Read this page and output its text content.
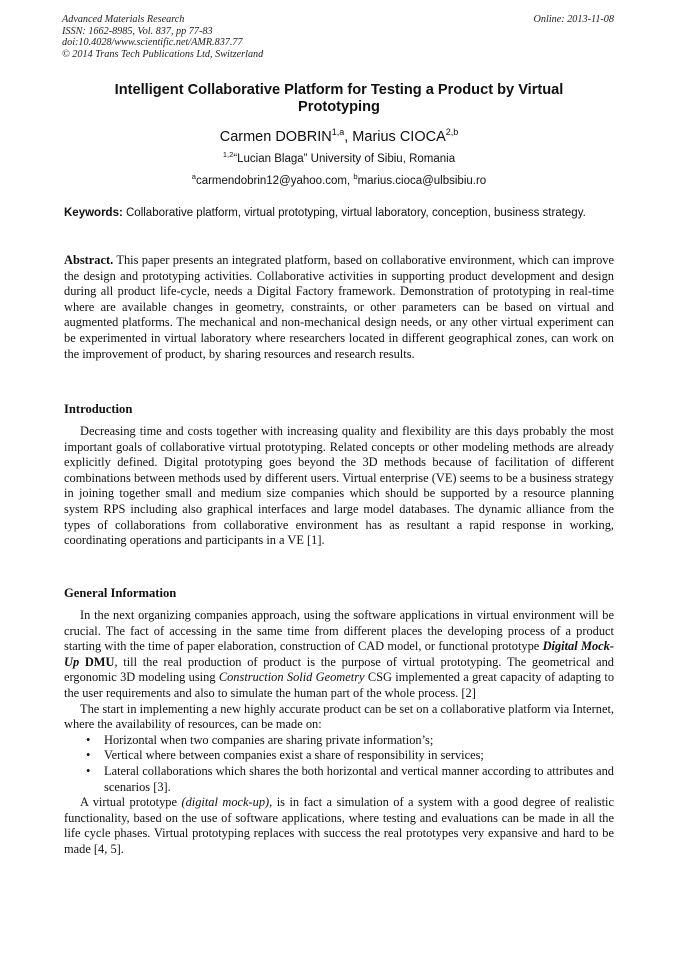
Advanced Materials Research
ISSN: 1662-8985, Vol. 837, pp 77-83
doi:10.4028/www.scientific.net/AMR.837.77
© 2014 Trans Tech Publications Ltd, Switzerland
Online: 2013-11-08
Intelligent Collaborative Platform for Testing a Product by Virtual Prototyping
Carmen DOBRIN$^{1,a}$, Marius CIOCA$^{2,b}$
$^{1,2}$“Lucian Blaga” University of Sibiu, Romania
$^a$carmendobrin12@yahoo.com, $^b$marius.cioca@ulbsibiu.ro
Keywords: Collaborative platform, virtual prototyping, virtual laboratory, conception, business strategy.

Abstract. This paper presents an integrated platform, based on collaborative environment, which can improve the design and prototyping activities. Collaborative activities in supporting product development and design during all product life-cycle, needs a Digital Factory framework. Demonstration of prototyping in real-time where are available changes in geometry, constraints, or other parameters can be based on virtual and augmented platforms. The mechanical and non-mechanical design needs, or any other virtual experiment can be experimented in virtual laboratory where researchers located in different geographical zones, can work on the improvement of product, by sharing resources and research results.

Introduction

Decreasing time and costs together with increasing quality and flexibility are this days probably the most important goals of collaborative virtual prototyping. Related concepts or other modeling methods are already explicitly defined. Digital prototyping goes beyond the 3D methods because of facilitation of different combinations between methods used by different users. Virtual enterprise (VE) seems to be a business strategy in joining together small and medium size companies which should be supported by a resource planning system RPS including also graphical interfaces and large model databases. The dynamic alliance from the types of collaborations from collaborative environment has as resultant a rapid response in working, coordinating operations and participants in a VE [1].

General Information

In the next organizing companies approach, using the software applications in virtual environment will be crucial. The fact of accessing in the same time from different places the developing process of a product starting with the time of paper elaboration, construction of CAD model, or functional prototype Digital Mock-Up DMU, till the real production of product is the purpose of virtual prototyping. The geometrical and ergonomic 3D modeling using Construction Solid Geometry CSG implemented a great capacity of adapting to the user requirements and also to simulate the human part of the whole process. [2]

The start in implementing a new highly accurate product can be set on a collaborative platform via Internet, where the availability of resources, can be made on:

• Horizontal when two companies are sharing private information’s;
• Vertical where between companies exist a share of responsibility in services;
• Lateral collaborations which shares the both horizontal and vertical manner according to attributes and scenarios [3].

A virtual prototype (digital mock-up), is in fact a simulation of a system with a good degree of realistic functionality, based on the use of software applications, where testing and evaluations can be made in all the life cycle phases. Virtual prototyping replaces with success the real prototypes very expansive and hard to be made [4, 5].
